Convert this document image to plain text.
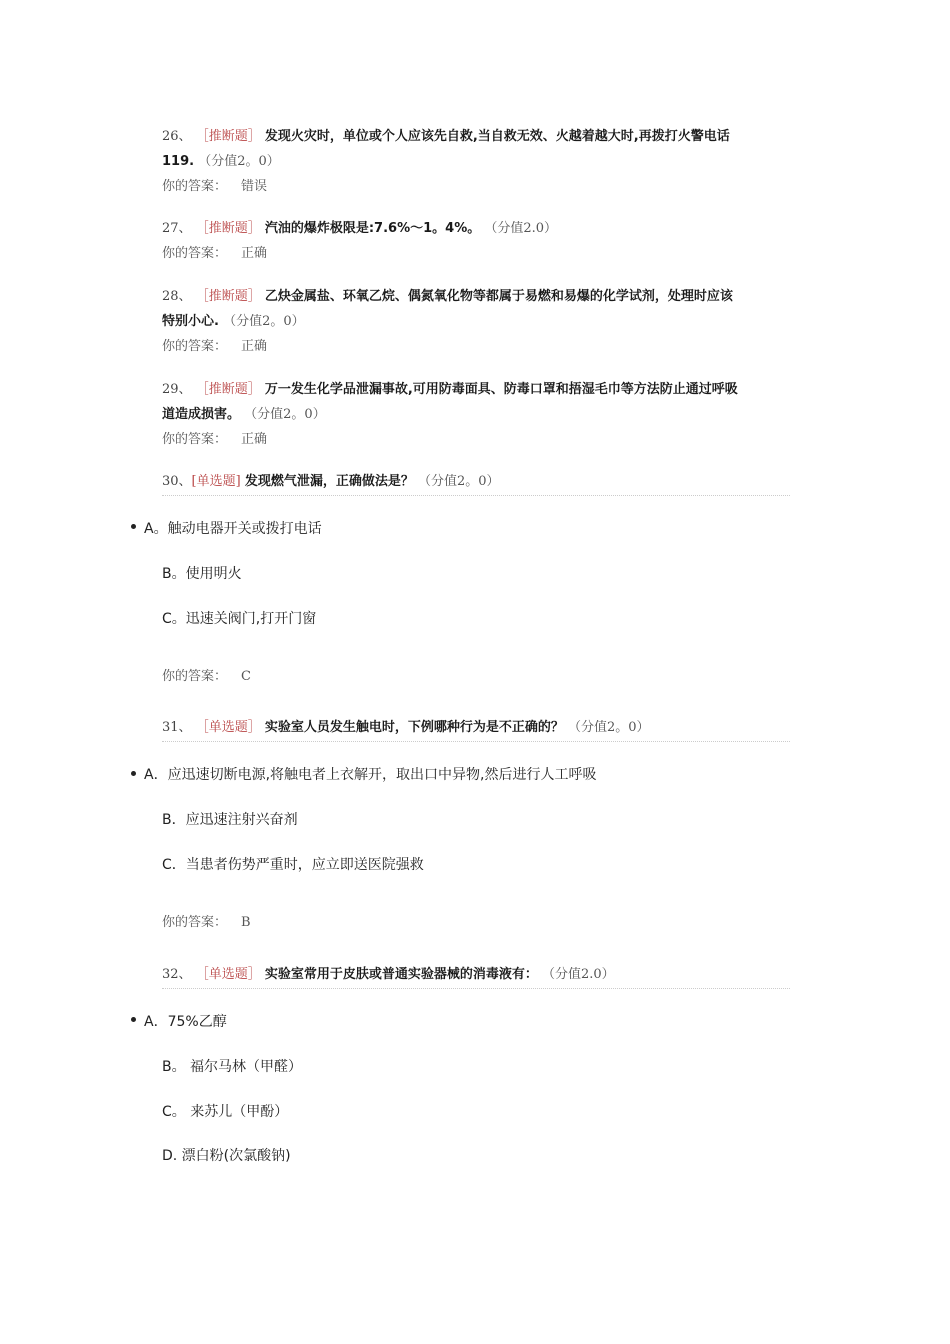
26、 ［推断题］ 发现火灾时，单位或个人应该先自救,当自救无效、火越着越大时,再拨打火警电话

119. （分值2。0）

你的答案： 错误

27、 ［推断题］ 汽油的爆炸极限是:7.6%～1。4%。 （分值2.0）

你的答案： 正确

28、 ［推断题］ 乙炔金属盐、环氧乙烷、偶氮氧化物等都属于易燃和易爆的化学试剂，处理时应该

特别小心. （分值2。0）

你的答案： 正确

29、 ［推断题］ 万一发生化学品泄漏事故,可用防毒面具、防毒口罩和捂湿毛巾等方法防止通过呼吸

道造成损害。 （分值2。0）

你的答案： 正确

30、[单选题] 发现燃气泄漏，正确做法是？ （分值2。0）
A。触动电器开关或拨打电话
B。使用明火
C。迅速关阀门,打开门窗
你的答案： C
31、 ［单选题］ 实验室人员发生触电时，下例哪种行为是不正确的？ （分值2。0）
A．应迅速切断电源,将触电者上衣解开，取出口中异物,然后进行人工呼吸
B．应迅速注射兴奋剂
C．当患者伤势严重时，应立即送医院强救
你的答案： B
32、 ［单选题］ 实验室常用于皮肤或普通实验器械的消毒液有： （分值2.0）
A．75%乙醇
B。 福尔马林（甲醛）
C。 来苏儿（甲酚）
D. 漂白粉(次氯酸钠)
